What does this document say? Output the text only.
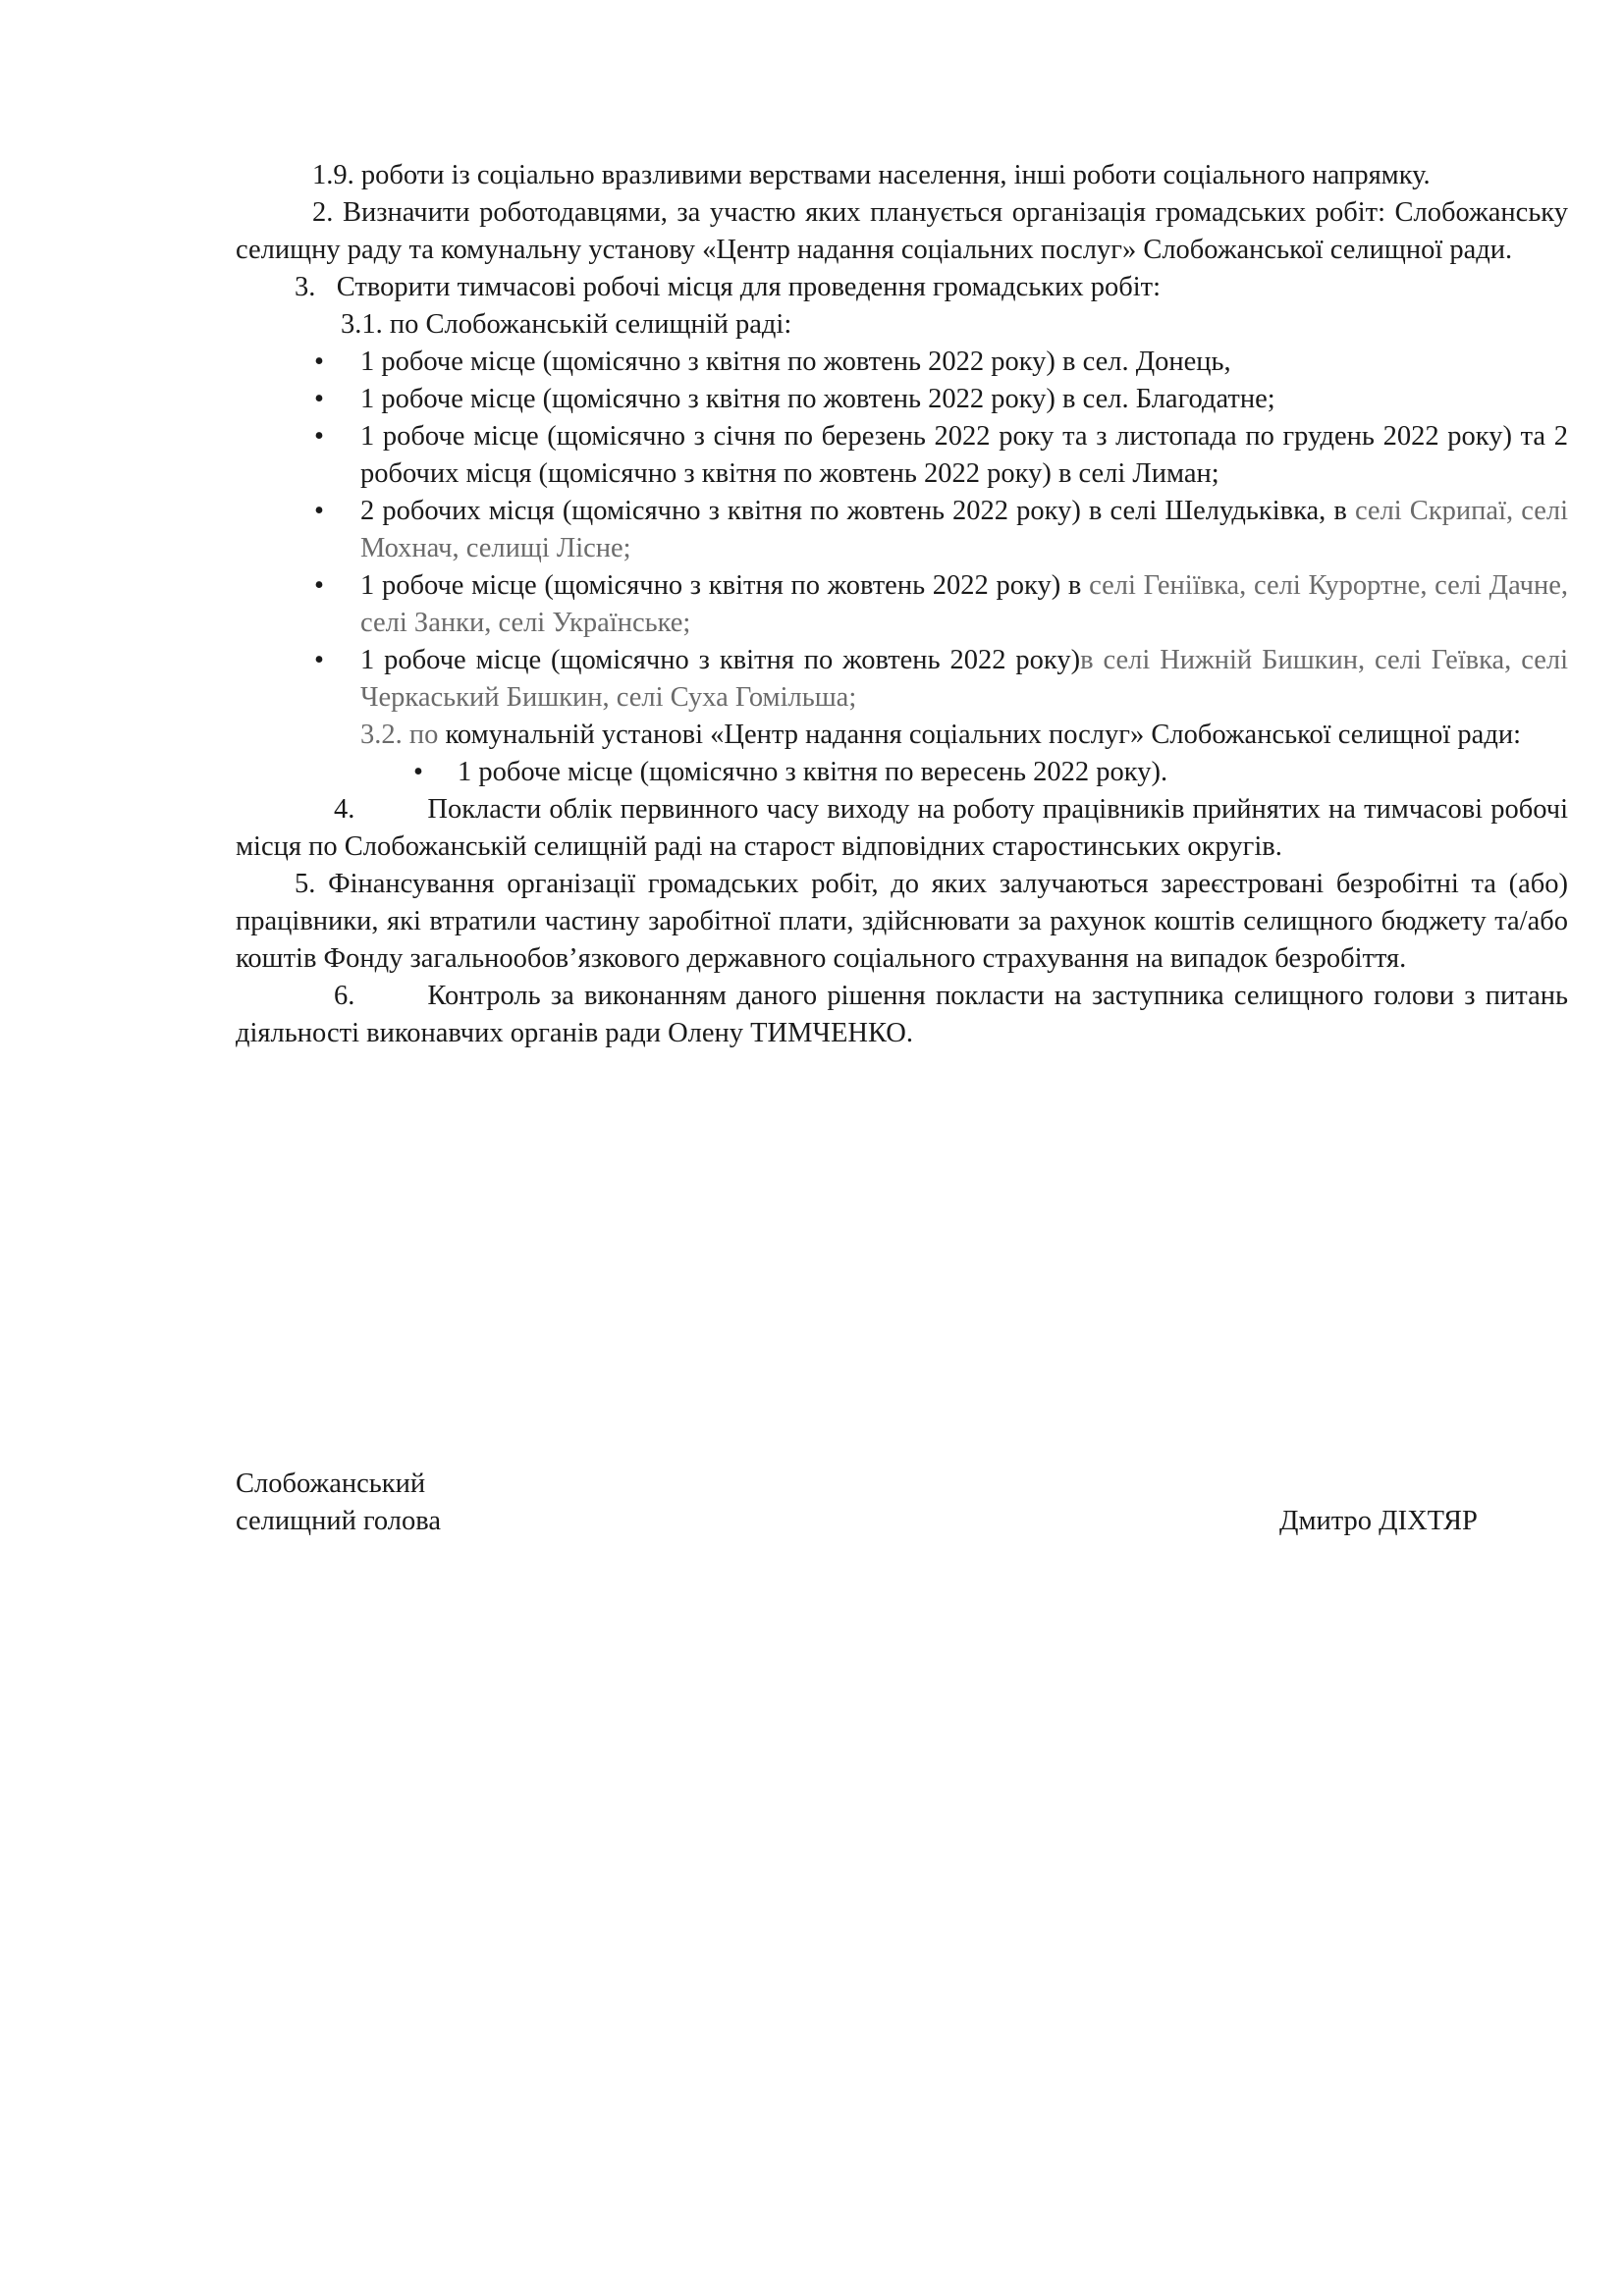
1.9. роботи із соціально вразливими верствами населення, інші роботи соціального напрямку.

2. Визначити роботодавцями, за участю яких планується організація громадських робіт: Слобожанську селищну раду та комунальну установу «Центр надання соціальних послуг» Слобожанської селищної ради.

3. Створити тимчасові робочі місця для проведення громадських робіт:

3.1. по Слобожанській селищній раді:

• 1 робоче місце (щомісячно з квітня по жовтень 2022 року) в сел. Донець,
• 1 робоче місце (щомісячно з квітня по жовтень 2022 року) в сел. Благодатне;
• 1 робоче місце (щомісячно з січня по березень 2022 року та з листопада по грудень 2022 року) та 2 робочих місця (щомісячно з квітня по жовтень 2022 року) в селі Лиман;
• 2 робочих місця (щомісячно з квітня по жовтень 2022 року) в селі Шелудьківка, в селі Скрипаї, селі Мохнач, селищі Лісне;
• 1 робоче місце (щомісячно з квітня по жовтень 2022 року) в селі Геніївка, селі Курортне, селі Дачне, селі Занки, селі Українське;
• 1 робоче місце (щомісячно з квітня по жовтень 2022 року)в селі Нижній Бишкин, селі Геївка, селі Черкаський Бишкин, селі Суха Гомільша;

3.2. по комунальній установі «Центр надання соціальних послуг» Слобожанської селищної ради:

• 1 робоче місце (щомісячно з квітня по вересень 2022 року).

4.	Покласти облік первинного часу виходу на роботу працівників прийнятих на тимчасові робочі місця по Слобожанській селищній раді на старост відповідних старостинських округів.

5. Фінансування організації громадських робіт, до яких залучаються зареєстровані безробітні та (або) працівники, які втратили частину заробітної плати, здійснювати за рахунок коштів селищного бюджету та/або коштів Фонду загальнообов’язкового державного соціального страхування на випадок безробіття.

6.	Контроль за виконанням даного рішення покласти на заступника селищного голови з питань діяльності виконавчих органів ради Олену ТИМЧЕНКО.

Слобожанський
селищний голова	Дмитро ДІХТЯР
